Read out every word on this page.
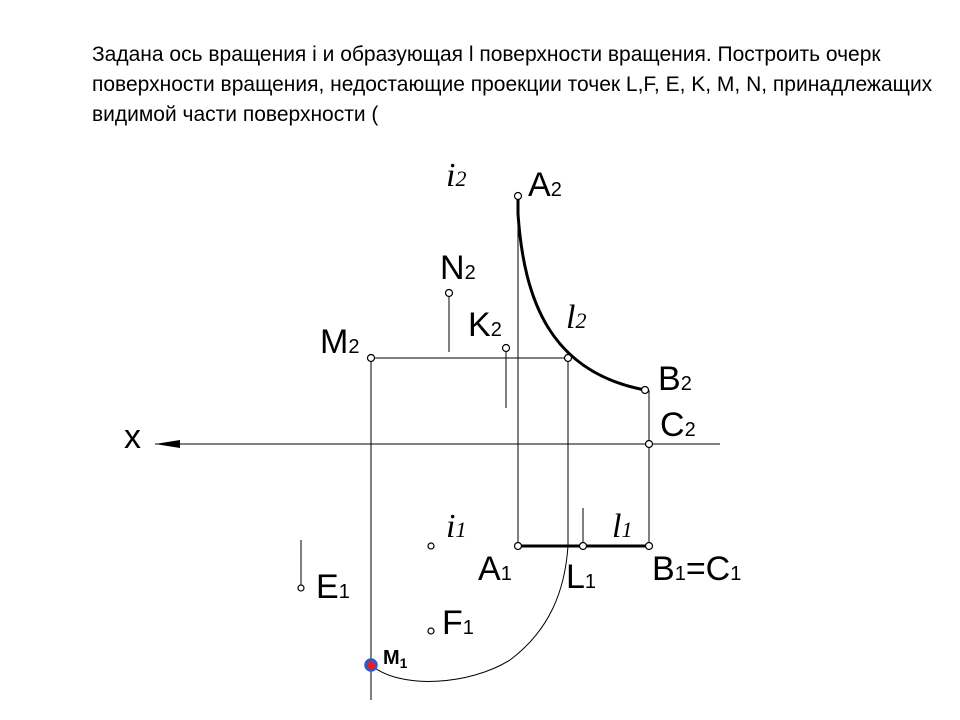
Задана ось вращения i и образующая l поверхности вращения. Построить очерк поверхности вращения, недостающие проекции точек L,F, E, K, M, N, принадлежащих видимой части поверхности (
x
i2 A2
N2
K2 l2
M2
B2
C2
i1	l1
A1 L1 B1=C1
E1
F1
M1
